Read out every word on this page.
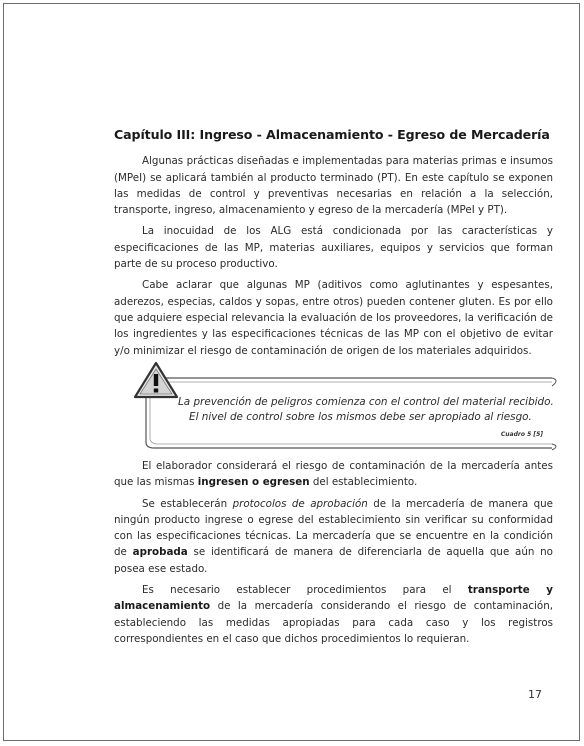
Capítulo III: Ingreso - Almacenamiento - Egreso de Mercadería

Algunas prácticas diseñadas e implementadas para materias primas e insumos (MPeI) se aplicará también al producto terminado (PT). En este capítulo se exponen las medidas de control y preventivas necesarias en relación a la selección, transporte, ingreso, almacenamiento y egreso de la mercadería (MPeI y PT).

La inocuidad de los ALG está condicionada por las características y especificaciones de las MP, materias auxiliares, equipos y servicios que forman parte de su proceso productivo.

Cabe aclarar que algunas MP (aditivos como aglutinantes y espesantes, aderezos, especias, caldos y sopas, entre otros) pueden contener gluten. Es por ello que adquiere especial relevancia la evaluación de los proveedores, la verificación de los ingredientes y las especificaciones técnicas de las MP con el objetivo de evitar y/o minimizar el riesgo de contaminación de origen de los materiales adquiridos.

La prevención de peligros comienza con el control del material recibido.
El nivel de control sobre los mismos debe ser apropiado al riesgo.
Cuadro 5 [5]

El elaborador considerará el riesgo de contaminación de la mercadería antes que las mismas ingresen o egresen del establecimiento.

Se establecerán protocolos de aprobación de la mercadería de manera que ningún producto ingrese o egrese del establecimiento sin verificar su conformidad con las especificaciones técnicas. La mercadería que se encuentre en la condición de aprobada se identificará de manera de diferenciarla de aquella que aún no posea ese estado.

Es necesario establecer procedimientos para el transporte y almacenamiento de la mercadería considerando el riesgo de contaminación, estableciendo las medidas apropiadas para cada caso y los registros correspondientes en el caso que dichos procedimientos lo requieran.

17
